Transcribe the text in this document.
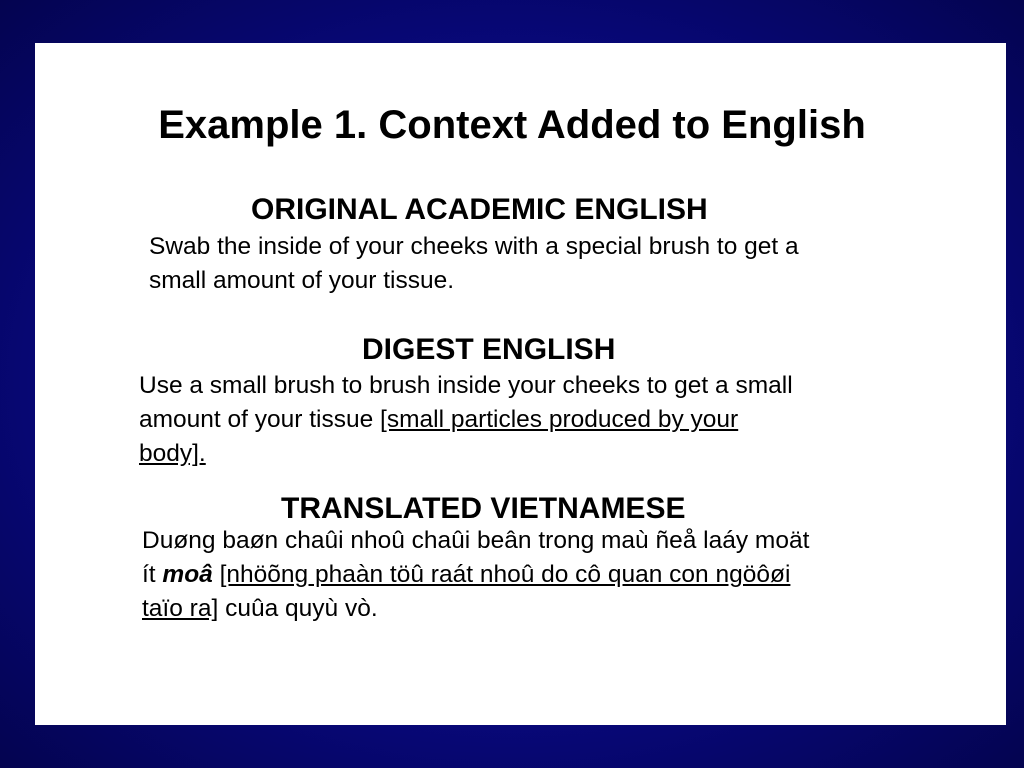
Example 1. Context Added to English
ORIGINAL ACADEMIC ENGLISH
Swab the inside of your cheeks with a special brush to get a
small amount of your tissue.
DIGEST ENGLISH
Use a small brush to brush inside your cheeks to get a small
amount of your tissue [small particles produced by your
body].
TRANSLATED VIETNAMESE
Duøng baøn chaûi nhoû chaûi beân trong maù ñeå laáy moät
ít moâ [nhöõng phaàn töû raát nhoû do cô quan con ngöôøi
taïo ra] cuûa quyù vò.
